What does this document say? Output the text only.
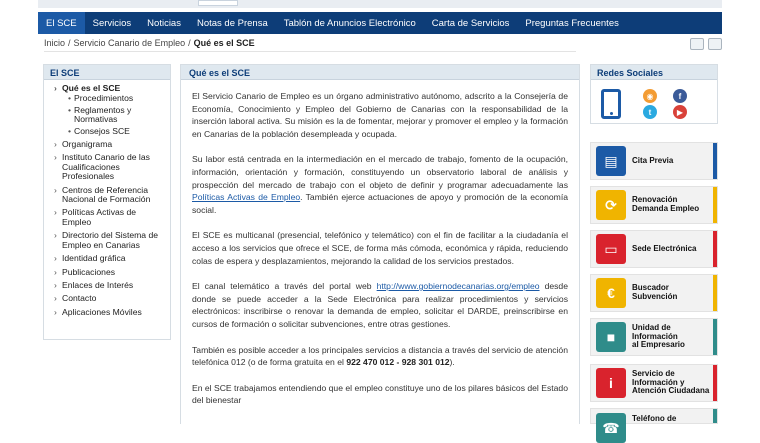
El SCE	Servicios	Noticias	Notas de Prensa	Tablón de Anuncios Electrónico	Carta de Servicios	Preguntas Frecuentes
Inicio / Servicio Canario de Empleo / Qué es el SCE
El SCE
› Qué es el SCE
• Procedimientos
• Reglamentos y Normativas
• Consejos SCE
› Organigrama
› Instituto Canario de las Cualificaciones Profesionales
› Centros de Referencia Nacional de Formación
› Políticas Activas de Empleo
› Directorio del Sistema de Empleo en Canarias
› Identidad gráfica
› Publicaciones
› Enlaces de Interés
› Contacto
› Aplicaciones Móviles
Qué es el SCE

El Servicio Canario de Empleo es un órgano administrativo autónomo, adscrito a la Consejería de Economía, Conocimiento y Empleo del Gobierno de Canarias con la responsabilidad de la inserción laboral activa. Su misión es la de fomentar, mejorar y promover el empleo y la formación en Canarias de la población desempleada y ocupada.

Su labor está centrada en la intermediación en el mercado de trabajo, fomento de la ocupación, información, orientación y formación, constituyendo un observatorio laboral de análisis y prospección del mercado de trabajo con el objeto de definir y programar adecuadamente las Políticas Activas de Empleo. También ejerce actuaciones de apoyo y promoción de la economía social.

El SCE es multicanal (presencial, telefónico y telemático) con el fin de facilitar a la ciudadanía el acceso a los servicios que ofrece el SCE, de forma más cómoda, económica y rápida, reduciendo colas de espera y desplazamientos, mejorando la calidad de los servicios prestados.

El canal telemático a través del portal web http://www.gobiernodecanarias.org/empleo desde donde se puede acceder a la Sede Electrónica para realizar procedimientos y servicios electrónicos: inscribirse o renovar la demanda de empleo, solicitar el DARDE, preinscribirse en cursos de formación o solicitar subvenciones, entre otras gestiones.

También es posible acceder a los principales servicios a distancia a través del servicio de atención telefónica 012 (o de forma gratuita en el 922 470 012 - 928 301 012).

En el SCE trabajamos entendiendo que el empleo constituye uno de los pilares básicos del Estado del bienestar

Redes Sociales
◉	f
t	▶
▤	Cita Previa
⟳	Renovación
Demanda Empleo
▭	Sede Electrónica
€	Buscador
Subvención
■
Unidad de
Información
al Empresario
i
Servicio de
Información y
Atención Ciudadana
☎
Teléfono de
